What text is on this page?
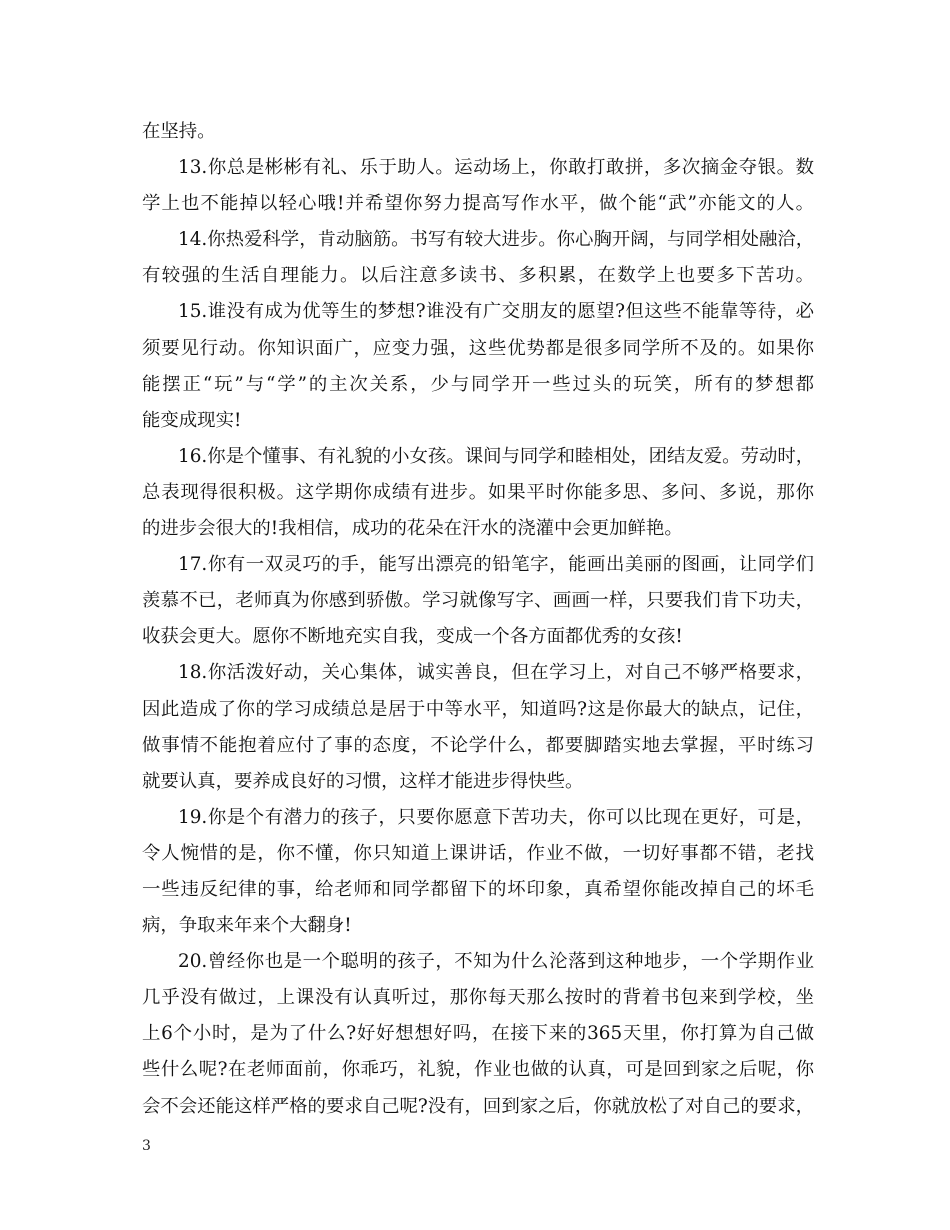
在坚持。
13.你总是彬彬有礼、乐于助人。运动场上，你敢打敢拼，多次摘金夺银。数
学上也不能掉以轻心哦!并希望你努力提高写作水平，做个能“武”亦能文的人。
14.你热爱科学，肯动脑筋。书写有较大进步。你心胸开阔，与同学相处融洽，
有较强的生活自理能力。以后注意多读书、多积累，在数学上也要多下苦功。
15.谁没有成为优等生的梦想?谁没有广交朋友的愿望?但这些不能靠等待，必
须要见行动。你知识面广，应变力强，这些优势都是很多同学所不及的。如果你
能摆正“玩”与“学”的主次关系，少与同学开一些过头的玩笑，所有的梦想都
能变成现实!
16.你是个懂事、有礼貌的小女孩。课间与同学和睦相处，团结友爱。劳动时，
总表现得很积极。这学期你成绩有进步。如果平时你能多思、多问、多说，那你
的进步会很大的!我相信，成功的花朵在汗水的浇灌中会更加鲜艳。
17.你有一双灵巧的手，能写出漂亮的铅笔字，能画出美丽的图画，让同学们
羡慕不已，老师真为你感到骄傲。学习就像写字、画画一样，只要我们肯下功夫，
收获会更大。愿你不断地充实自我，变成一个各方面都优秀的女孩!
18.你活泼好动，关心集体，诚实善良，但在学习上，对自己不够严格要求，
因此造成了你的学习成绩总是居于中等水平，知道吗?这是你最大的缺点，记住，
做事情不能抱着应付了事的态度，不论学什么，都要脚踏实地去掌握，平时练习
就要认真，要养成良好的习惯，这样才能进步得快些。
19.你是个有潜力的孩子，只要你愿意下苦功夫，你可以比现在更好，可是，
令人惋惜的是，你不懂，你只知道上课讲话，作业不做，一切好事都不错，老找
一些违反纪律的事，给老师和同学都留下的坏印象，真希望你能改掉自己的坏毛
病，争取来年来个大翻身!
20.曾经你也是一个聪明的孩子，不知为什么沦落到这种地步，一个学期作业
几乎没有做过，上课没有认真听过，那你每天那么按时的背着书包来到学校，坐
上6个小时，是为了什么?好好想想好吗，在接下来的365天里，你打算为自己做
些什么呢?在老师面前，你乖巧，礼貌，作业也做的认真，可是回到家之后呢，你
会不会还能这样严格的要求自己呢?没有，回到家之后，你就放松了对自己的要求，
3
